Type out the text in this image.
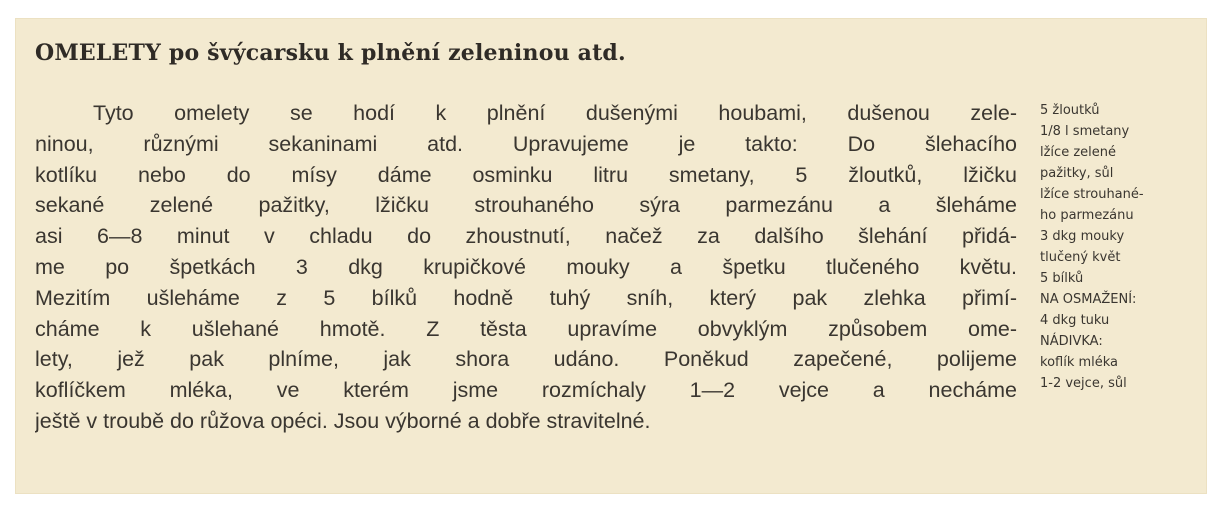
OMELETY po švýcarsku k plnění zeleninou atd.
Tyto omelety se hodí k plnění dušenými houbami, dušenou zele-
ninou, různými sekaninami atd. Upravujeme je takto: Do šlehacího
kotlíku nebo do mísy dáme osminku litru smetany, 5 žloutků, lžičku
sekané zelené pažitky, lžičku strouhaného sýra parmezánu a šleháme
asi 6—8 minut v chladu do zhoustnutí, načež za dalšího šlehání přidá-
me po špetkách 3 dkg krupičkové mouky a špetku tlučeného květu.
Mezitím ušleháme z 5 bílků hodně tuhý sníh, který pak zlehka přimí-
cháme k ušlehané hmotě. Z těsta upravíme obvyklým způsobem ome-
lety, jež pak plníme, jak shora udáno. Poněkud zapečené, polijeme
koflíčkem mléka, ve kterém jsme rozmíchaly 1—2 vejce a necháme
ještě v troubě do růžova opéci. Jsou výborné a dobře stravitelné.
5 žloutků
1/8 l smetany
lžíce zelené
pažitky, sůl
lžíce strouhané-
ho parmezánu
3 dkg mouky
tlučený květ
5 bílků
NA OSMAŽENÍ:
4 dkg tuku
NÁDIVKA:
koflík mléka
1-2 vejce, sůl
